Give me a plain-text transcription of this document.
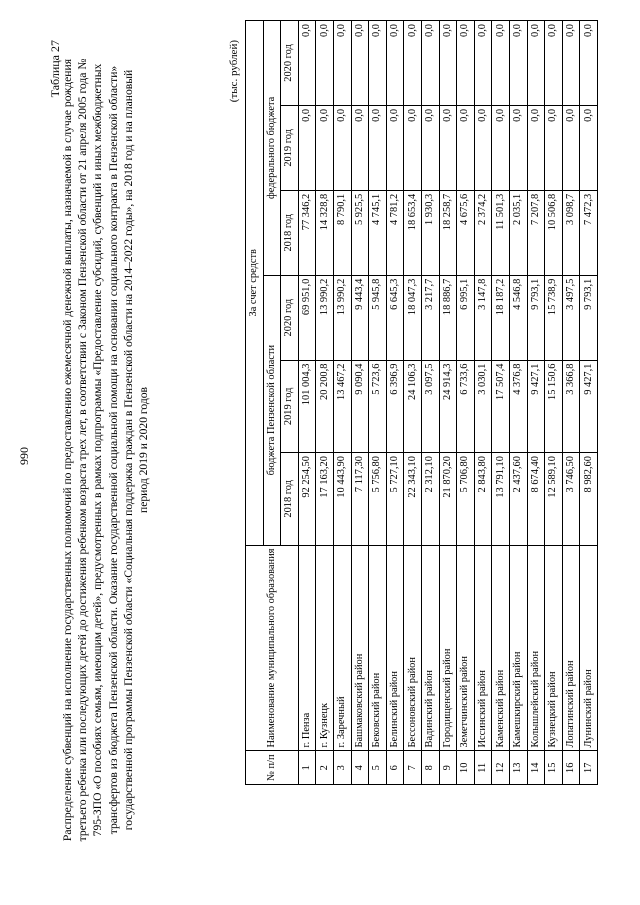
990
Таблица 27 Распределение субвенций на исполнение государственных полномочий по предоставлению ежемесячной денежной выплаты, назначаемой в случае рождения третьего ребенка или последующих детей до достижения ребенком возраста трех лет, в соответствии с Законом Пензенской области от 21 апреля 2005 года № 795-ЗПО «О пособиях семьям, имеющим детей», предусмотренных в рамках подпрограммы «Предоставление субсидий, субвенций и иных межбюджетных трансфертов из бюджета Пензенской области. Оказание государственной социальной помощи на основании социального контракта в Пензенской области» государственной программы Пензенской области «Социальная поддержка граждан в Пензенской области на 2014–2022 годы», на 2018 год и на плановый период 2019 и 2020 годов
(тыс. рублей)
№ п/п	Наименование муниципального образования	За счет средств					
		бюджета Пензенской области			федерального бюджета		
		2018 год	2019 год	2020 год	2018 год	2019 год	2020 год
1	г. Пенза	92 254,50	101 004,3	69 951,0	77 346,2	0,0	0,0
2	г. Кузнецк	17 163,20	20 200,8	13 990,2	14 328,8	0,0	0,0
3	г. Заречный	10 443,90	13 467,2	13 990,2	8 790,1	0,0	0,0
4	Башмаковский район	7 117,30	9 090,4	9 443,4	5 925,5	0,0	0,0
5	Бековский район	5 756,80	5 723,6	5 945,8	4 745,1	0,0	0,0
6	Белинский район	5 727,10	6 396,9	6 645,3	4 781,2	0,0	0,0
7	Бессоновский район	22 343,10	24 106,3	18 047,3	18 653,4	0,0	0,0
8	Вадинский район	2 312,10	3 097,5	3 217,7	1 930,3	0,0	0,0
9	Городищенский район	21 870,20	24 914,3	18 886,7	18 258,7	0,0	0,0
10	Земетчинский район	5 706,80	6 733,6	6 995,1	4 675,6	0,0	0,0
11	Иссинский район	2 843,80	3 030,1	3 147,8	2 374,2	0,0	0,0
12	Каменский район	13 791,10	17 507,4	18 187,2	11 501,3	0,0	0,0
13	Камешкирский район	2 437,60	4 376,8	4 546,8	2 035,1	0,0	0,0
14	Колышлейский район	8 674,40	9 427,1	9 793,1	7 207,8	0,0	0,0
15	Кузнецкий район	12 589,10	15 150,6	15 738,9	10 506,8	0,0	0,0
16	Лопатинский район	3 746,50	3 366,8	3 497,5	3 098,7	0,0	0,0
17	Лунинский район	8 982,60	9 427,1	9 793,1	7 472,3	0,0	0,0
